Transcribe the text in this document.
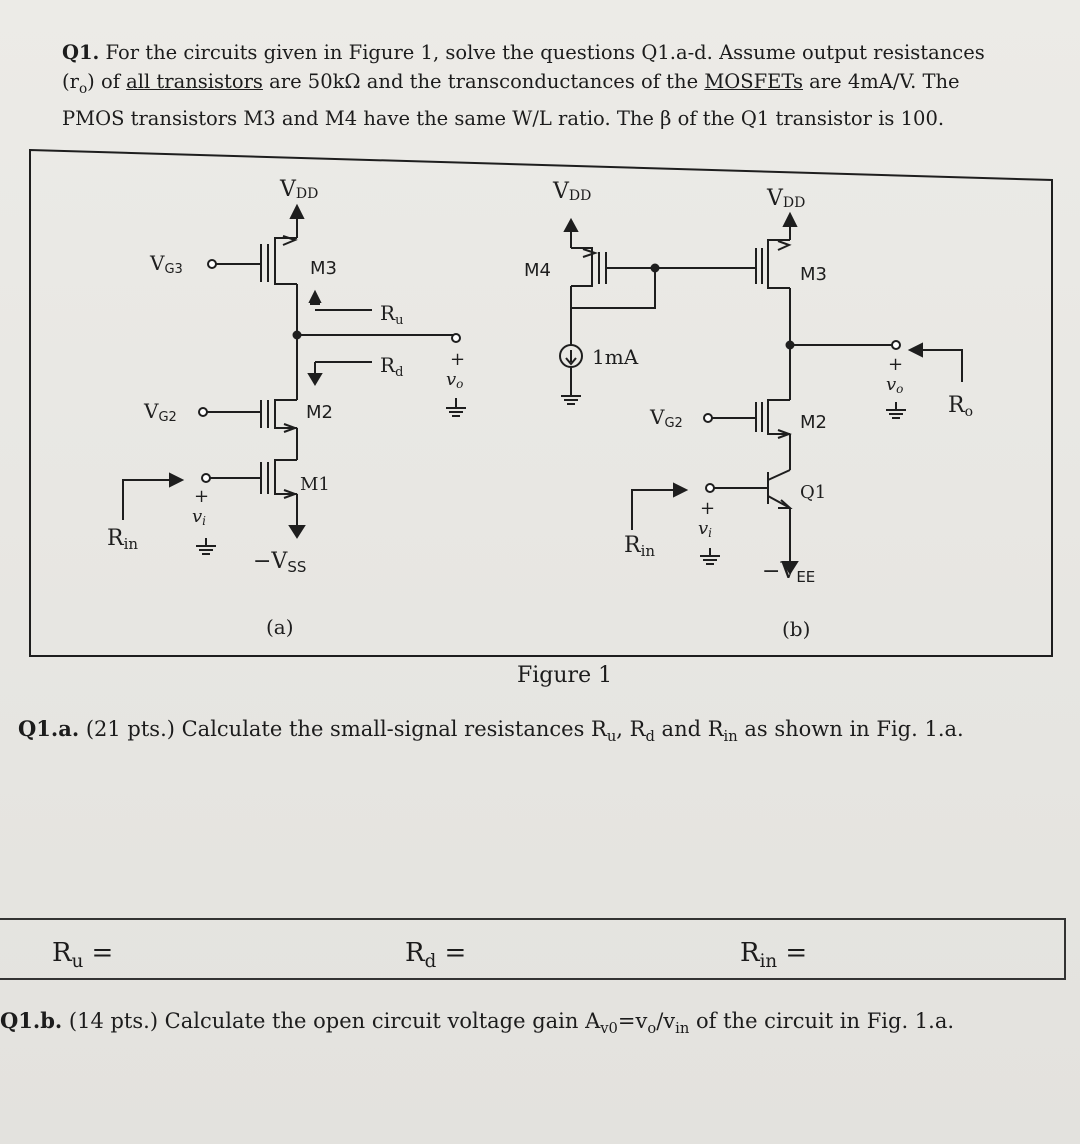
Q1. For the circuits given in Figure 1, solve the questions Q1.a-d. Assume output resistances
$(r_o)$ of all transistors are 50kΩ and the transconductances of the MOSFETs are 4mA/V. The
PMOS transistors M3 and M4 have the same W/L ratio. The β of the Q1 transistor is 100.
VDD
VG3	M3
$R_u$
$R_d$
+
vo
VG2	M2
M1
+
vi
Rin
−VSS
(a)
VDD	VDD
M4	M3
1mA	+
vo
Ro
VG2	M2
Q1
+
vi
Rin
−VEE
(b)
Figure 1
Q1.a. (21 pts.) Calculate the small-signal resistances $R_u$, $R_d$ and $R_{in}$ as shown in Fig. 1.a.
$R_u$ =	$R_d$ =	$R_{in}$ =
Q1.b. (14 pts.) Calculate the open circuit voltage gain $A_{v0}=v_o/v_{in}$ of the circuit in Fig. 1.a.
